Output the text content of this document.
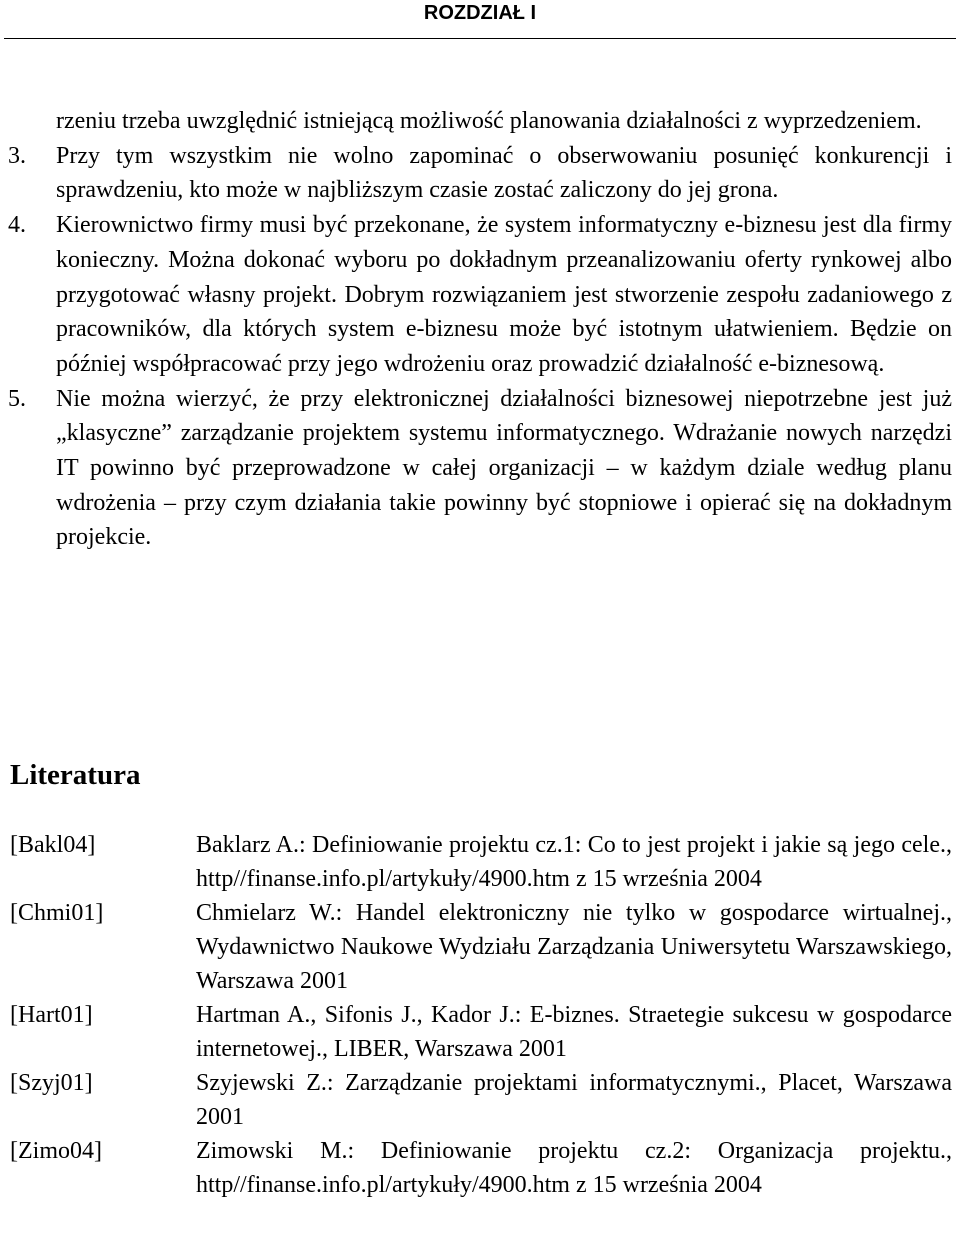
ROZDZIAŁ I

rzeniu trzeba uwzględnić istniejącą możliwość planowania działalności z wyprzedzeniem.

3.	Przy tym wszystkim nie wolno zapominać o obserwowaniu posunięć konkurencji i sprawdzeniu, kto może w najbliższym czasie zostać zaliczony do jej grona.

4.	Kierownictwo firmy musi być przekonane, że system informatyczny e-biznesu jest dla firmy konieczny. Można dokonać wyboru po dokładnym przeanalizowaniu oferty rynkowej albo przygotować własny projekt. Dobrym rozwiązaniem jest stworzenie zespołu zadaniowego z pracowników, dla których system e-biznesu może być istotnym ułatwieniem. Będzie on później współpracować przy jego wdrożeniu oraz prowadzić działalność e-biznesową.

5.	Nie można wierzyć, że przy elektronicznej działalności biznesowej niepotrzebne jest już „klasyczne” zarządzanie projektem systemu informatycznego. Wdrażanie nowych narzędzi IT powinno być przeprowadzone w całej organizacji – w każdym dziale według planu wdrożenia – przy czym działania takie powinny być stopniowe i opierać się na dokładnym projekcie.

Literatura
[Bakl04]	Baklarz A.: Definiowanie projektu cz.1: Co to jest projekt i jakie są jego cele., http//finanse.info.pl/artykuły/4900.htm z 15 września 2004
[Chmi01]	Chmielarz W.: Handel elektroniczny nie tylko w gospodarce wirtualnej., Wydawnictwo Naukowe Wydziału Zarządzania Uniwersytetu Warszawskiego, Warszawa 2001
[Hart01]	Hartman A., Sifonis J., Kador J.: E-biznes. Straetegie sukcesu w gospodarce internetowej., LIBER, Warszawa 2001
[Szyj01]	Szyjewski Z.: Zarządzanie projektami informatycznymi., Placet, Warszawa 2001
[Zimo04]	Zimowski M.: Definiowanie projektu cz.2: Organizacja projektu., http//finanse.info.pl/artykuły/4900.htm z 15 września 2004
